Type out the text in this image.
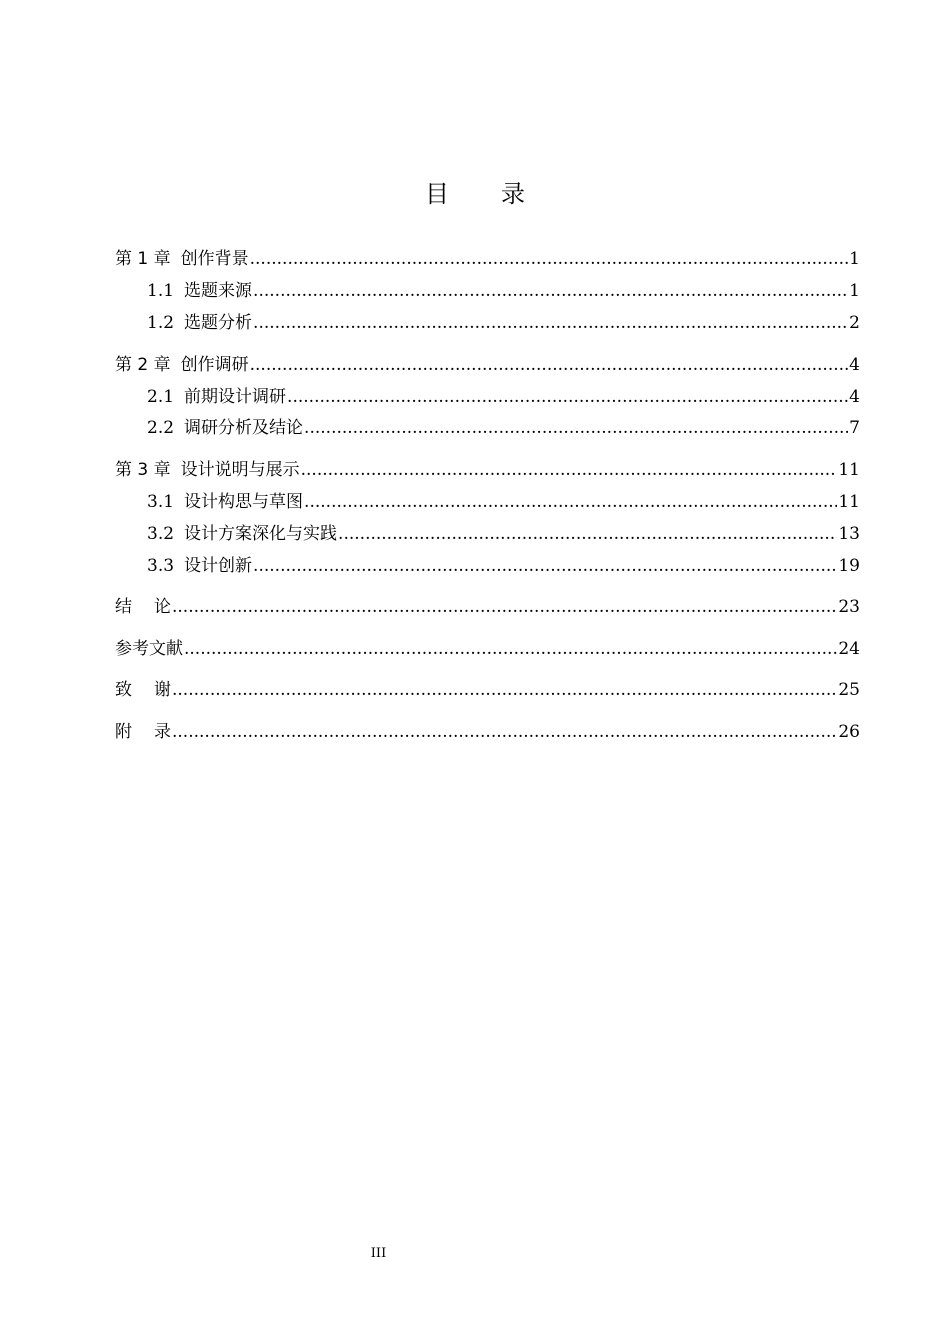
目 录
第 1 章 创作背景 .....	1
1.1 选题来源 .....	1
1.2 选题分析 .....	2
第 2 章 创作调研 .....	4
2.1 前期设计调研 .....	4
2.2 调研分析及结论 .....	7
第 3 章 设计说明与展示 .....	11
3.1 设计构思与草图 .....	11
3.2 设计方案深化与实践 .....	13
3.3 设计创新 .....	19
结 论 .....	23
参考文献 .....	24
致 谢 .....	25
附 录 .....	26
III
